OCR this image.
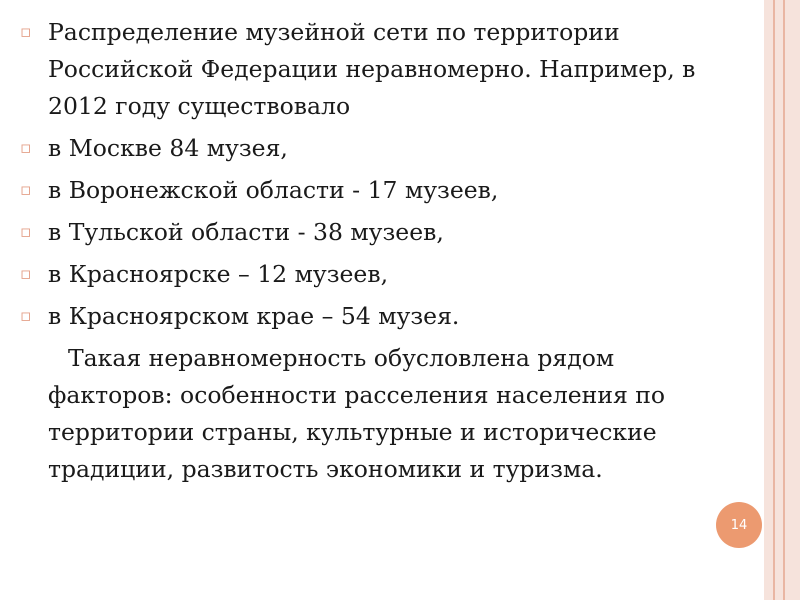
▫ Распределение музейной сети по территории Российской Федерации неравномерно. Например, в 2012 году существовало
▫ в Москве 84 музея,
▫ в Воронежской области - 17 музеев,
▫ в Тульской области - 38 музеев,
▫ в Красноярске – 12 музеев,
▫ в Красноярском крае – 54 музея.
Такая неравномерность обусловлена рядом факторов: особенности расселения населения по территории страны, культурные и исторические традиции, развитость экономики и туризма.
14
